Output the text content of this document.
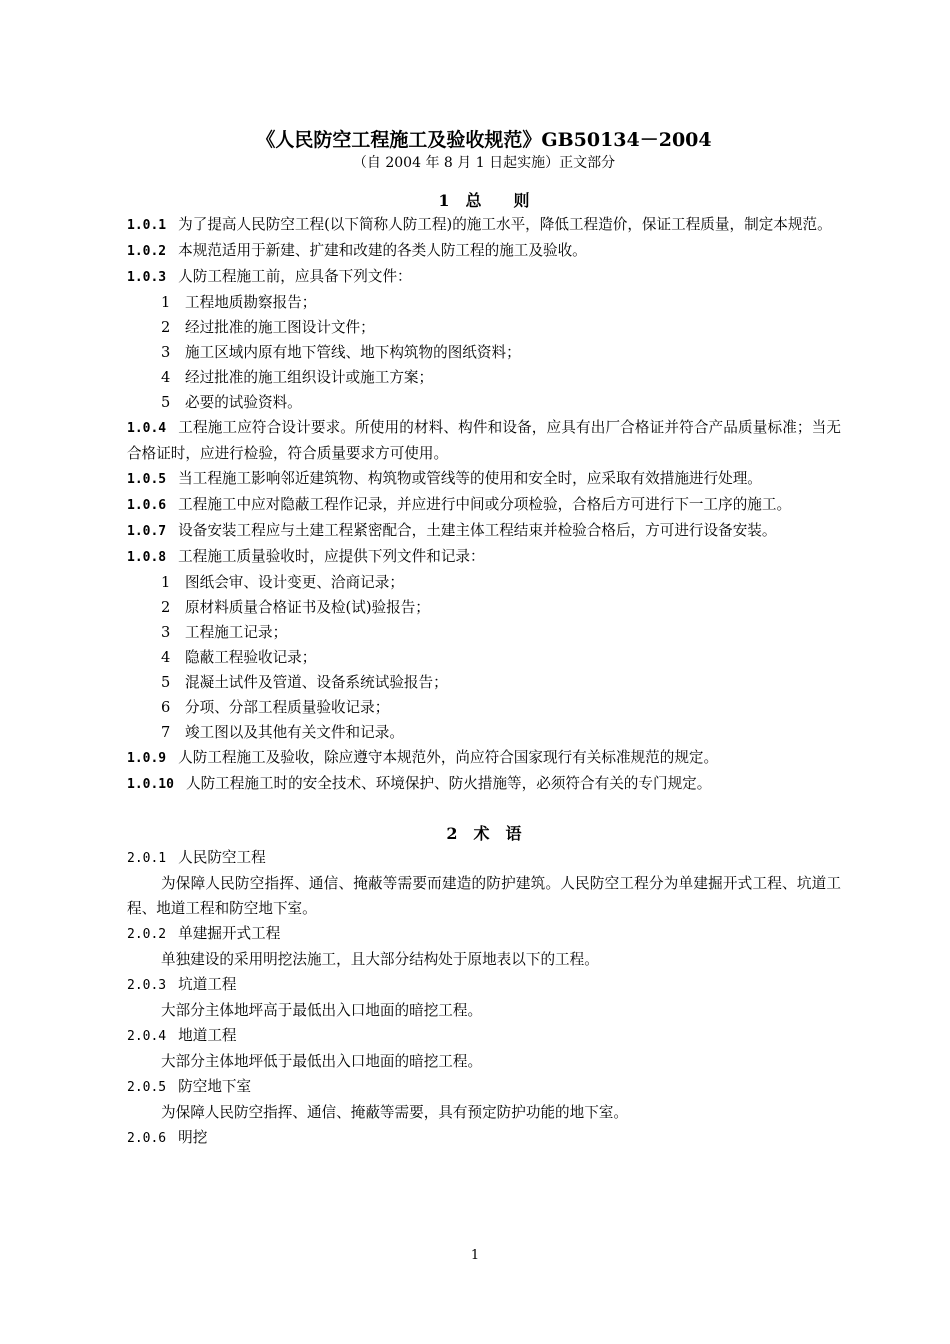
《人民防空工程施工及验收规范》GB50134－2004

（自 2004 年 8 月 1 日起实施）正文部分

1　总　　则

1.0.1 为了提高人民防空工程(以下简称人防工程)的施工水平，降低工程造价，保证工程质量，制定本规范。

1.0.2 本规范适用于新建、扩建和改建的各类人防工程的施工及验收。

1.0.3 人防工程施工前，应具备下列文件：

1 工程地质勘察报告；

2 经过批准的施工图设计文件；

3 施工区域内原有地下管线、地下构筑物的图纸资料；

4 经过批准的施工组织设计或施工方案；

5 必要的试验资料。

1.0.4 工程施工应符合设计要求。所使用的材料、构件和设备，应具有出厂合格证并符合产品质量标准；当无合格证时，应进行检验，符合质量要求方可使用。

1.0.5 当工程施工影响邻近建筑物、构筑物或管线等的使用和安全时，应采取有效措施进行处理。

1.0.6 工程施工中应对隐蔽工程作记录，并应进行中间或分项检验，合格后方可进行下一工序的施工。

1.0.7 设备安装工程应与土建工程紧密配合，土建主体工程结束并检验合格后，方可进行设备安装。

1.0.8 工程施工质量验收时，应提供下列文件和记录：

1 图纸会审、设计变更、洽商记录；

2 原材料质量合格证书及检(试)验报告；

3 工程施工记录；

4 隐蔽工程验收记录；

5 混凝土试件及管道、设备系统试验报告；

6 分项、分部工程质量验收记录；

7 竣工图以及其他有关文件和记录。

1.0.9 人防工程施工及验收，除应遵守本规范外，尚应符合国家现行有关标准规范的规定。

1.0.10 人防工程施工时的安全技术、环境保护、防火措施等，必须符合有关的专门规定。

2　术　语

2.0.1 人民防空工程

为保障人民防空指挥、通信、掩蔽等需要而建造的防护建筑。人民防空工程分为单建掘开式工程、坑道工程、地道工程和防空地下室。

2.0.2 单建掘开式工程

单独建设的采用明挖法施工，且大部分结构处于原地表以下的工程。

2.0.3 坑道工程

大部分主体地坪高于最低出入口地面的暗挖工程。

2.0.4 地道工程

大部分主体地坪低于最低出入口地面的暗挖工程。

2.0.5 防空地下室

为保障人民防空指挥、通信、掩蔽等需要，具有预定防护功能的地下室。

2.0.6 明挖

1
